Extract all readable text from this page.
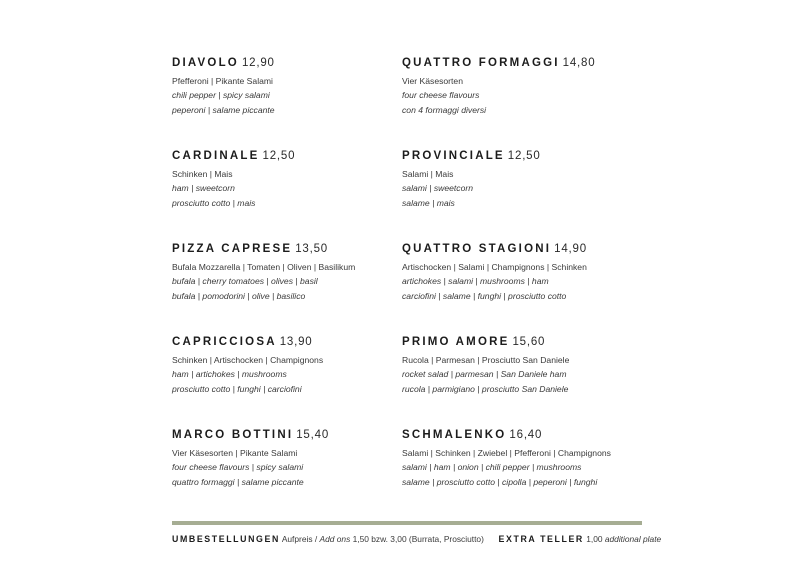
DIAVOLO 12,90
Pfefferoni | Pikante Salami
chili pepper | spicy salami
peperoni | salame piccante
QUATTRO FORMAGGI 14,80
Vier Käsesorten
four cheese flavours
con 4 formaggi diversi
CARDINALE 12,50
Schinken | Mais
ham | sweetcorn
prosciutto cotto | mais
PROVINCIALE 12,50
Salami | Mais
salami | sweetcorn
salame | mais
PIZZA CAPRESE 13,50
Bufala Mozzarella | Tomaten | Oliven | Basilikum
bufala | cherry tomatoes | olives | basil
bufala | pomodorini | olive | basilico
QUATTRO STAGIONI 14,90
Artischocken | Salami | Champignons | Schinken
artichokes | salami | mushrooms | ham
carciofini | salame | funghi | prosciutto cotto
CAPRICCIOSA 13,90
Schinken | Artischocken | Champignons
ham | artichokes | mushrooms
prosciutto cotto | funghi | carciofini
PRIMO AMORE 15,60
Rucola | Parmesan | Prosciutto San Daniele
rocket salad | parmesan | San Daniele ham
rucola | parmigiano | prosciutto San Daniele
MARCO BOTTINI 15,40
Vier Käsesorten | Pikante Salami
four cheese flavours | spicy salami
quattro formaggi | salame piccante
SCHMALENKO 16,40
Salami | Schinken | Zwiebel | Pfefferoni | Champignons
salami | ham | onion | chili pepper | mushrooms
salame | prosciutto cotto | cipolla | peperoni | funghi
UMBESTELLUNGEN Aufpreis / Add ons 1,50 bzw. 3,00 (Burrata, Prosciutto) EXTRA TELLER 1,00 additional plate
